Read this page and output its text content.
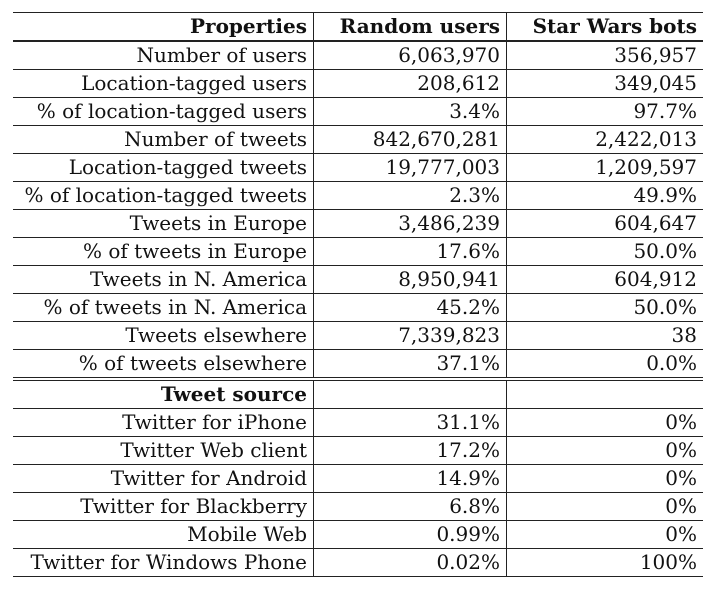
Properties	Random users	Star Wars bots
Number of users	6,063,970	356,957
Location-tagged users	208,612	349,045
% of location-tagged users	3.4%	97.7%
Number of tweets	842,670,281	2,422,013
Location-tagged tweets	19,777,003	1,209,597
% of location-tagged tweets	2.3%	49.9%
Tweets in Europe	3,486,239	604,647
% of tweets in Europe	17.6%	50.0%
Tweets in N. America	8,950,941	604,912
% of tweets in N. America	45.2%	50.0%
Tweets elsewhere	7,339,823	38
% of tweets elsewhere	37.1%	0.0%
Tweet source		
Twitter for iPhone	31.1%	0%
Twitter Web client	17.2%	0%
Twitter for Android	14.9%	0%
Twitter for Blackberry	6.8%	0%
Mobile Web	0.99%	0%
Twitter for Windows Phone	0.02%	100%
